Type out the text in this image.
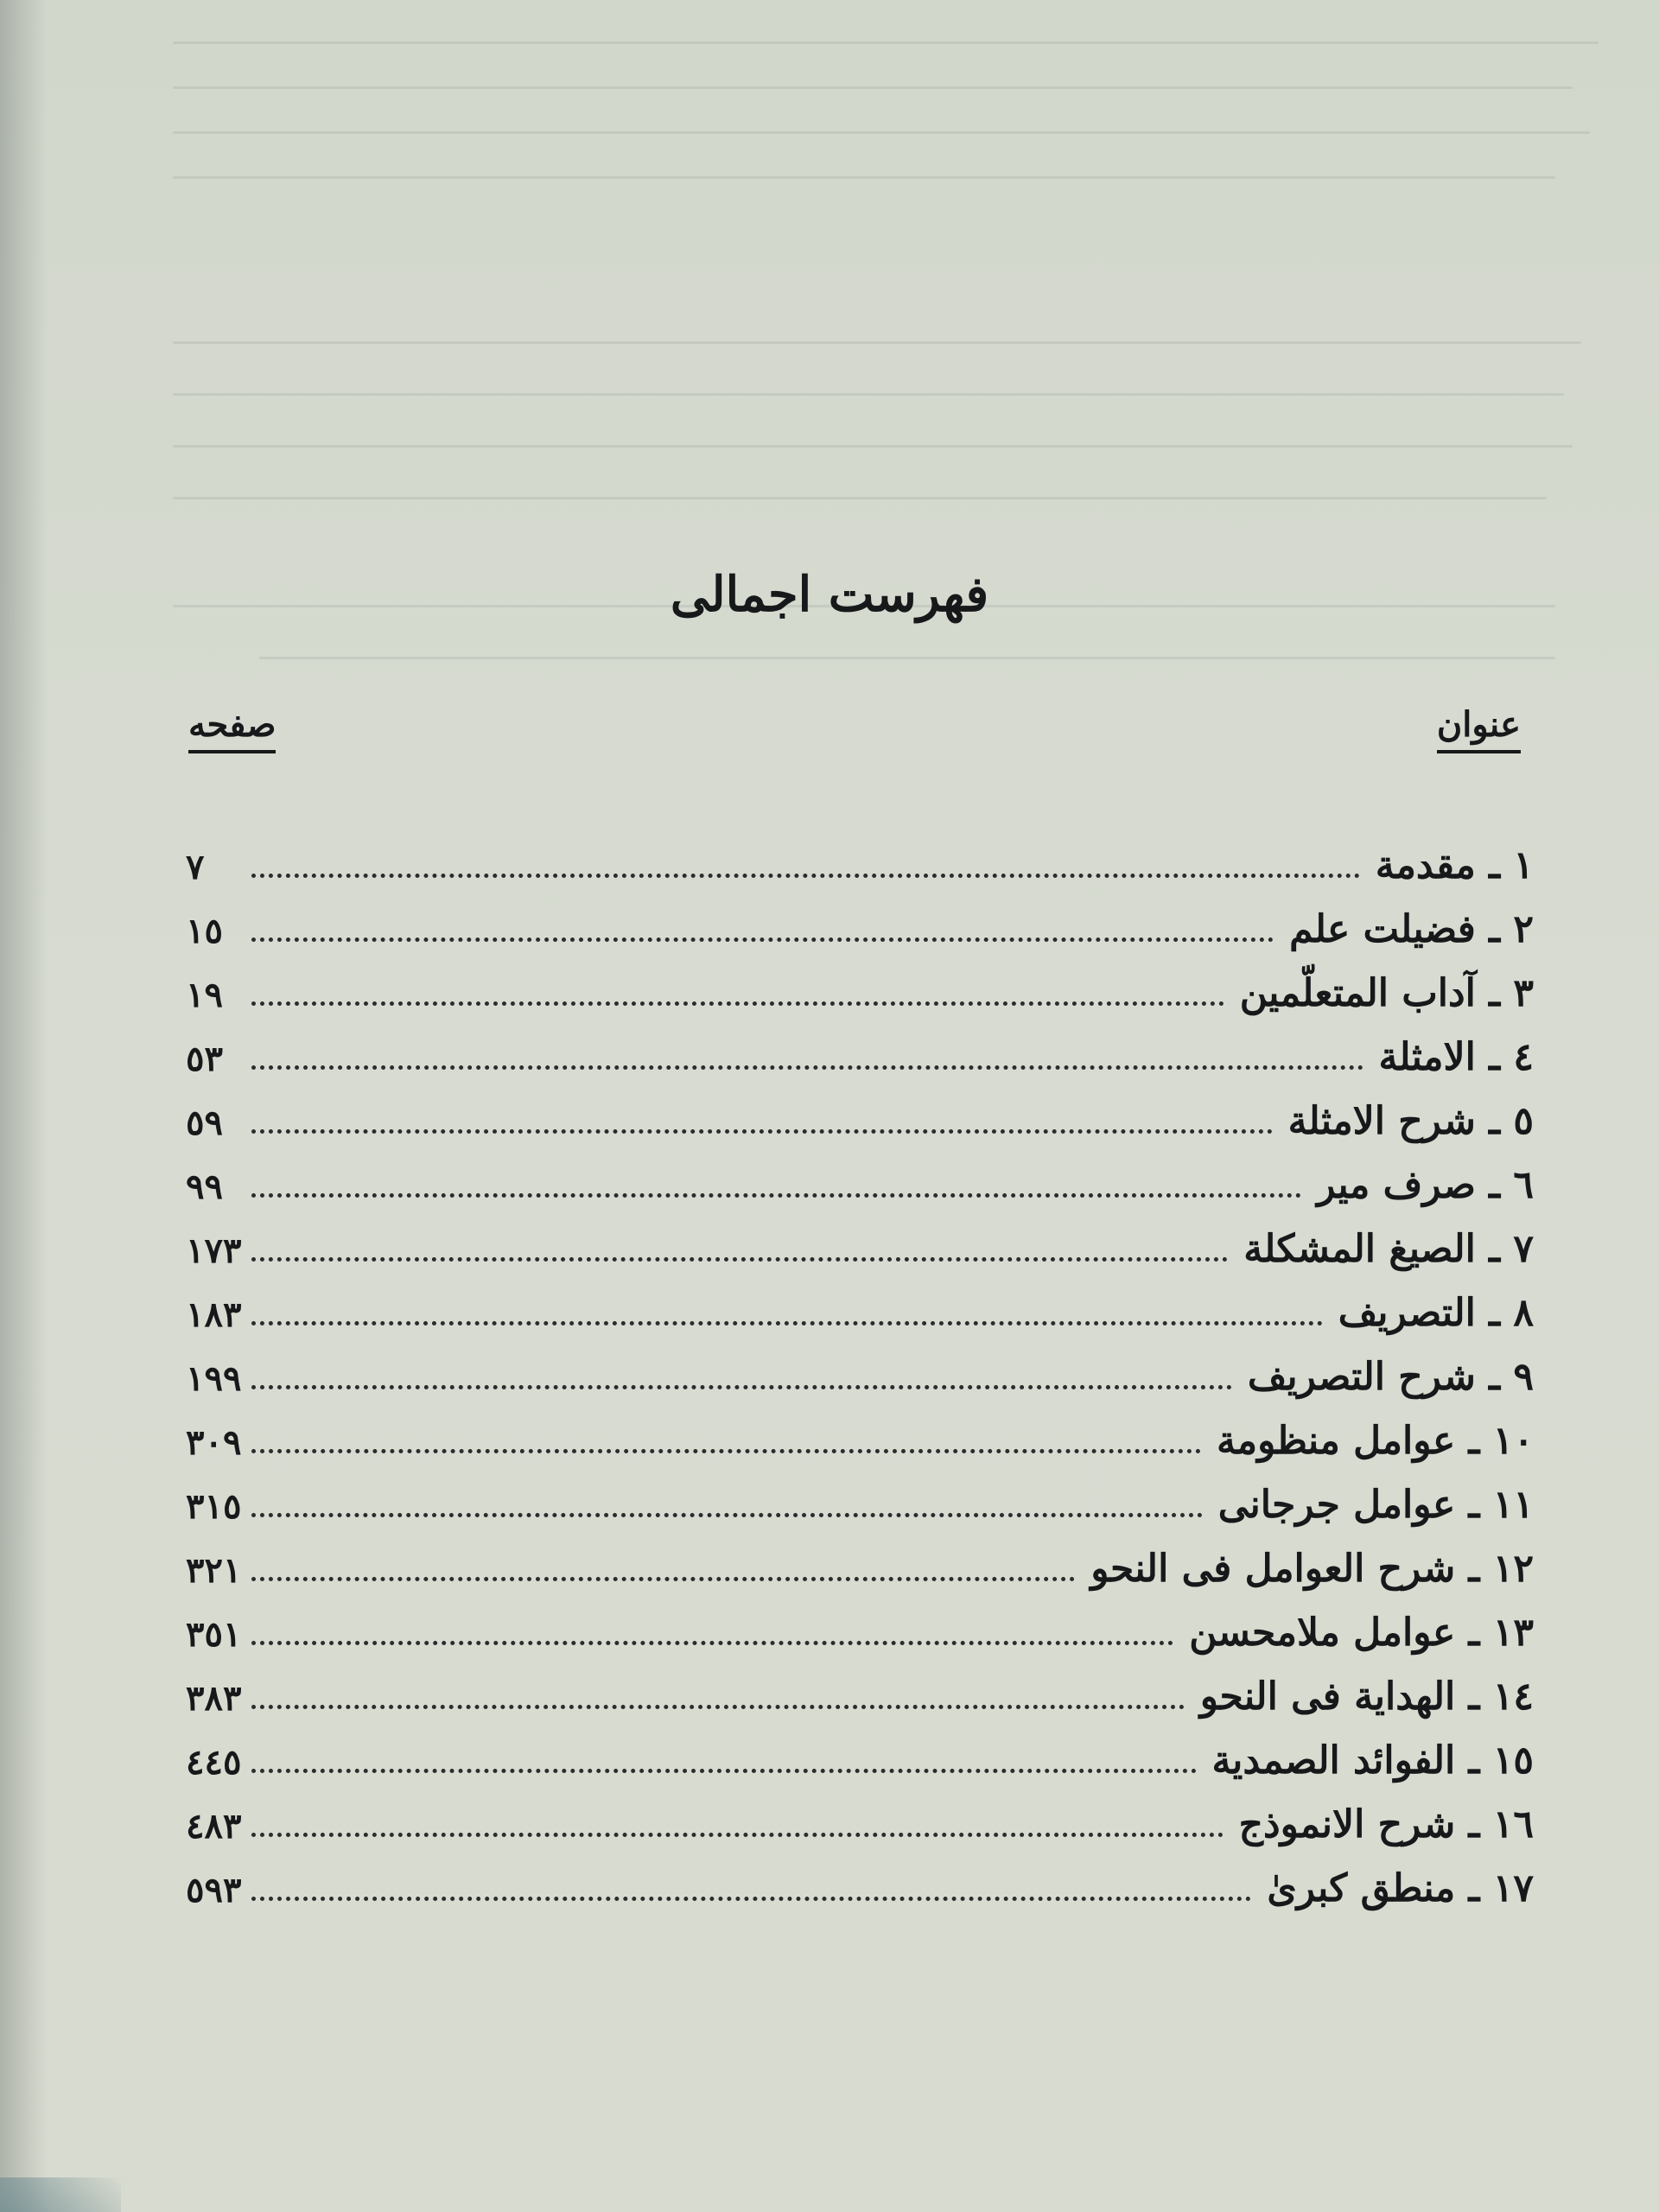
فهرست اجمالی
عنوان
صفحه
١ ـ مقدمة
٧
٢ ـ فضیلت علم
١٥
٣ ـ آداب المتعلّمین
١٩
٤ ـ الامثلة
٥٣
٥ ـ شرح الامثلة
٥٩
٦ ـ صرف میر
٩٩
٧ ـ الصیغ المشکلة
١٧٣
٨ ـ التصریف
١٨٣
٩ ـ شرح التصریف
١٩٩
١٠ ـ عوامل منظومة
٣٠٩
١١ ـ عوامل جرجانی
٣١٥
١٢ ـ شرح العوامل فی النحو
٣٢١
١٣ ـ عوامل ملامحسن
٣٥١
١٤ ـ الهدایة فی النحو
٣٨٣
١٥ ـ الفوائد الصمدیة
٤٤٥
١٦ ـ شرح الانموذج
٤٨٣
١٧ ـ منطق کبریٰ
٥٩٣
